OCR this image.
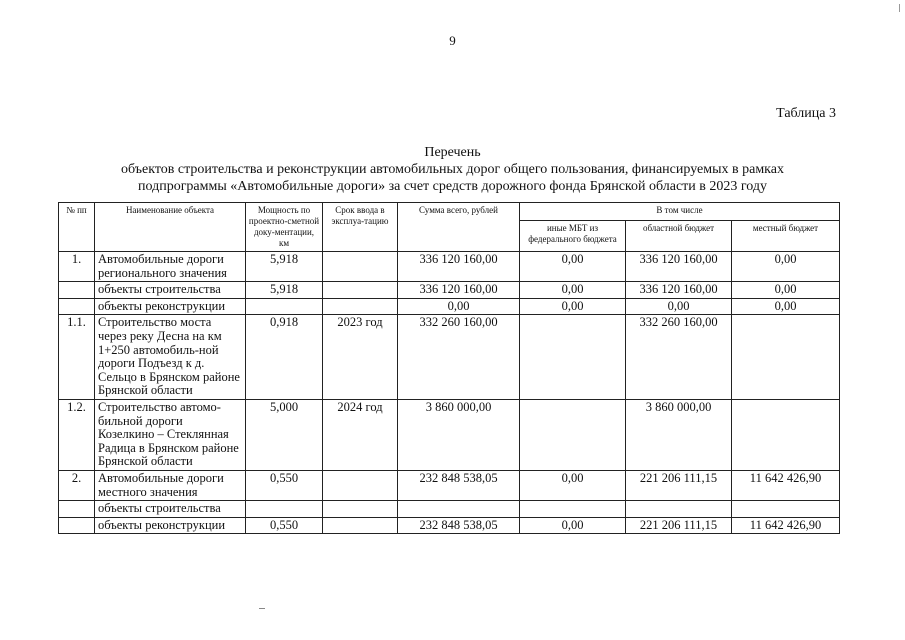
9
Таблица 3
Перечень
объектов строительства и реконструкции автомобильных дорог общего пользования, финансируемых в рамках
подпрограммы «Автомобильные дороги» за счет средств дорожного фонда Брянской области в 2023 году
№ пп	Наименование объекта	Мощность по проектно-сметной доку-ментации, км	Срок ввода в эксплуа-тацию	Сумма всего, рублей	В том числе		
					иные МБТ из федерального бюджета	областной бюджет	местный бюджет
1.	Автомобильные дороги регионального значения	5,918		336 120 160,00	0,00	336 120 160,00	0,00
	объекты строительства	5,918		336 120 160,00	0,00	336 120 160,00	0,00
	объекты реконструкции			0,00	0,00	0,00	0,00
1.1.	Строительство моста через реку Десна на км 1+250 автомобиль-ной дороги Подъезд к д. Сельцо в Брянском районе Брянской области	0,918	2023 год	332 260 160,00		332 260 160,00	
1.2.	Строительство автомо-бильной дороги Козелкино – Стеклянная Радица в Брянском районе Брянской области	5,000	2024 год	3 860 000,00		3 860 000,00	
2.	Автомобильные дороги местного значения	0,550		232 848 538,05	0,00	221 206 111,15	11 642 426,90
	объекты строительства						
	объекты реконструкции	0,550		232 848 538,05	0,00	221 206 111,15	11 642 426,90
